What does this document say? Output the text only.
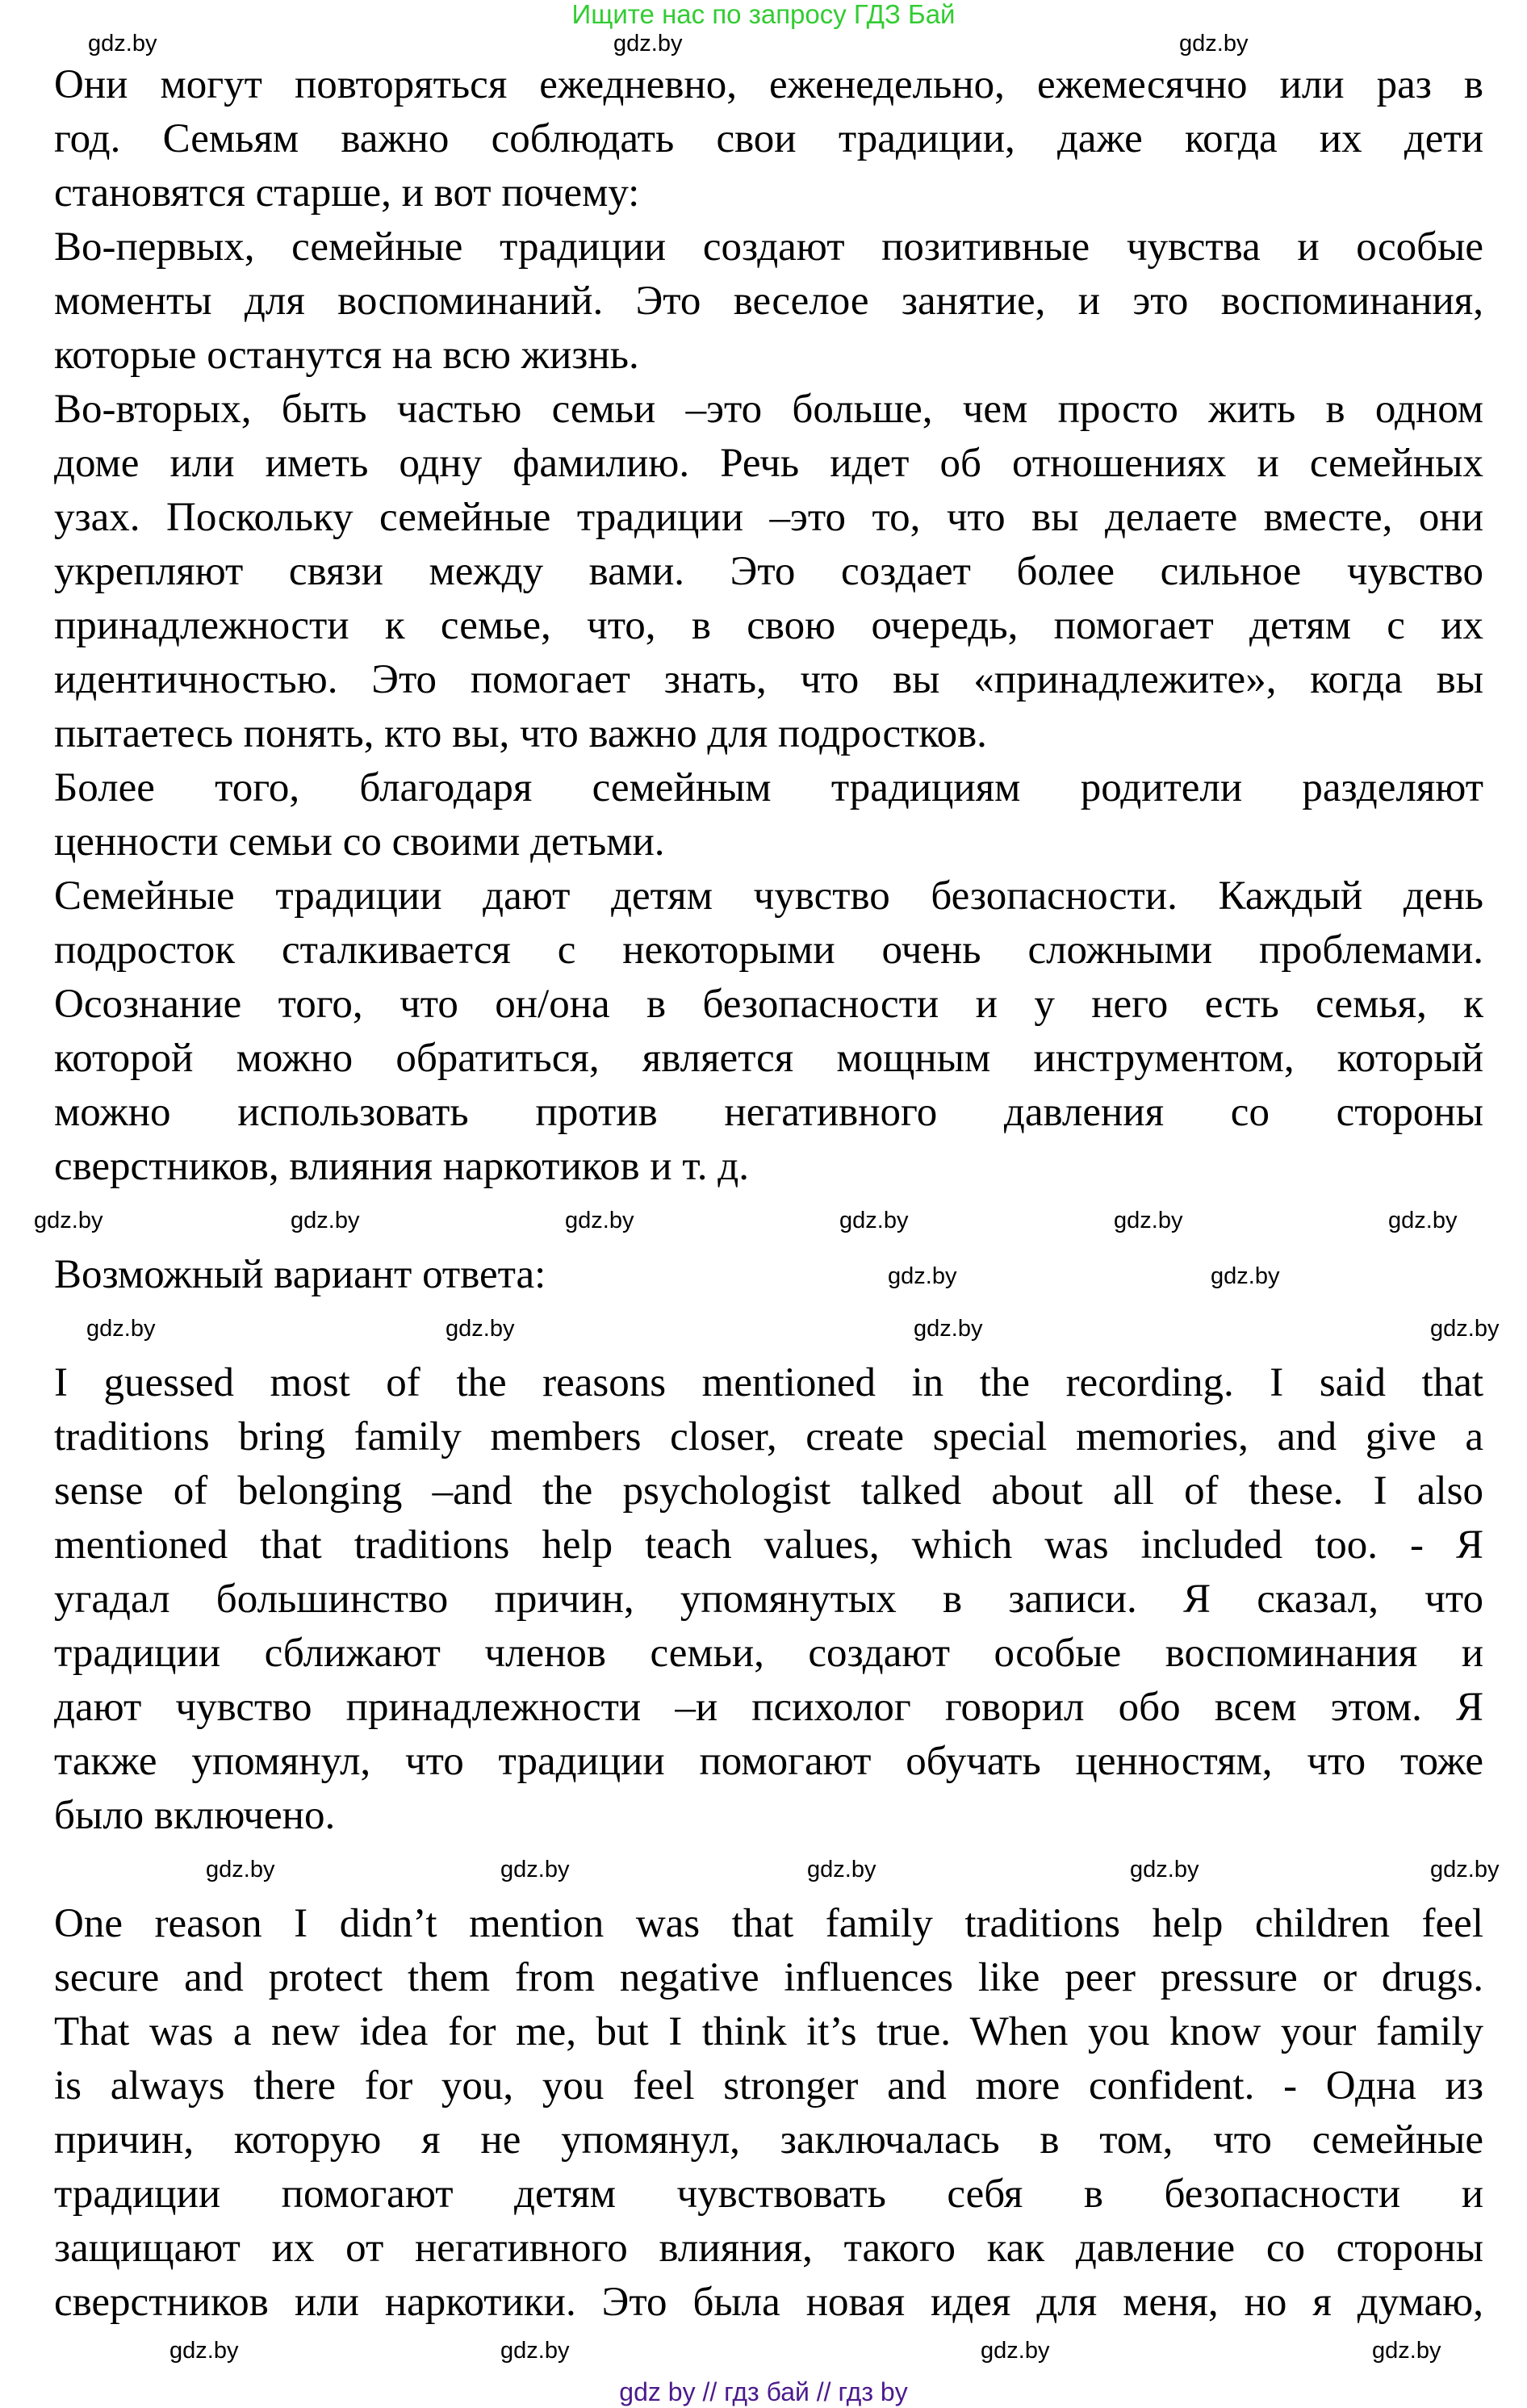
Ищите нас по запросу ГДЗ Бай
Они могут повторяться ежедневно, еженедельно, ежемесячно или раз в
год. Семьям важно соблюдать свои традиции, даже когда их дети
становятся старше, и вот почему:
Во-первых, семейные традиции создают позитивные чувства и особые
моменты для воспоминаний. Это веселое занятие, и это воспоминания,
которые останутся на всю жизнь.
Во-вторых, быть частью семьи –это больше, чем просто жить в одном
доме или иметь одну фамилию. Речь идет об отношениях и семейных
узах. Поскольку семейные традиции –это то, что вы делаете вместе, они
укрепляют связи между вами. Это создает более сильное чувство
принадлежности к семье, что, в свою очередь, помогает детям с их
идентичностью. Это помогает знать, что вы «принадлежите», когда вы
пытаетесь понять, кто вы, что важно для подростков.
Более того, благодаря семейным традициям родители разделяют
ценности семьи со своими детьми.
Семейные традиции дают детям чувство безопасности. Каждый день
подросток сталкивается с некоторыми очень сложными проблемами.
Осознание того, что он/она в безопасности и у него есть семья, к
которой можно обратиться, является мощным инструментом, который
можно использовать против негативного давления со стороны
сверстников, влияния наркотиков и т. д.
Возможный вариант ответа:
I guessed most of the reasons mentioned in the recording. I said that
traditions bring family members closer, create special memories, and give a
sense of belonging –and the psychologist talked about all of these. I also
mentioned that traditions help teach values, which was included too. - Я
угадал большинство причин, упомянутых в записи. Я сказал, что
традиции сближают членов семьи, создают особые воспоминания и
дают чувство принадлежности –и психолог говорил обо всем этом. Я
также упомянул, что традиции помогают обучать ценностям, что тоже
было включено.
One reason I didn’t mention was that family traditions help children feel
secure and protect them from negative influences like peer pressure or drugs.
That was a new idea for me, but I think it’s true. When you know your family
is always there for you, you feel stronger and more confident. - Одна из
причин, которую я не упомянул, заключалась в том, что семейные
традиции помогают детям чувствовать себя в безопасности и
защищают их от негативного влияния, такого как давление со стороны
сверстников или наркотики. Это была новая идея для меня, но я думаю,
gdz.by	gdz.by	gdz.by
gdz.by	gdz.by	gdz.by	gdz.by	gdz.by	gdz.by
gdz.by	gdz.by
gdz.by	gdz.by	gdz.by	gdz.by
gdz.by	gdz.by	gdz.by	gdz.by	gdz.by
gdz.by	gdz.by	gdz.by	gdz.by
gdz by // гдз бай // гдз by
